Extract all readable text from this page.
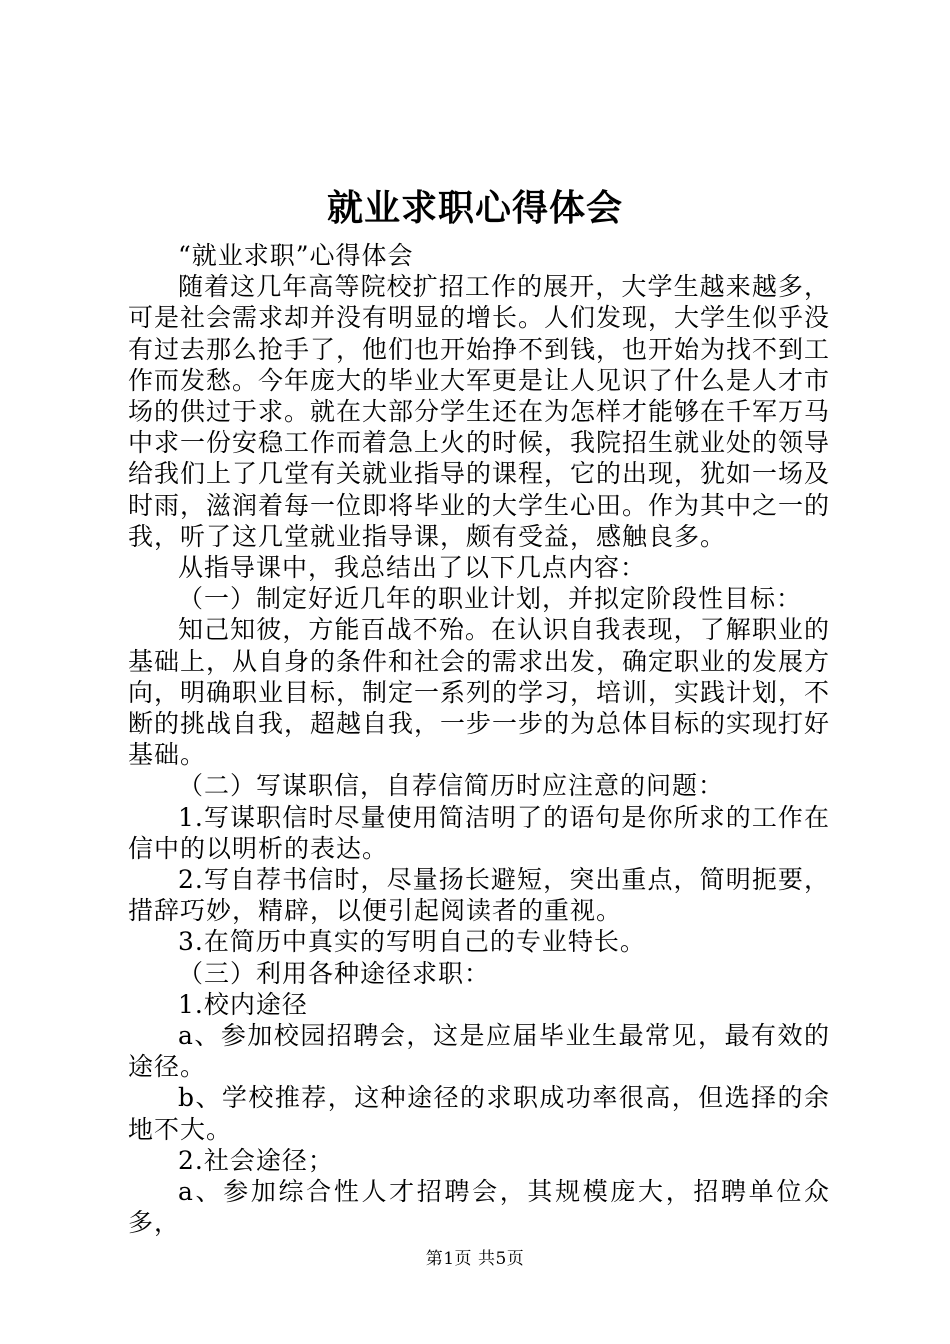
就业求职心得体会

“就业求职”心得体会

随着这几年高等院校扩招工作的展开，大学生越来越多，可是社会需求却并没有明显的增长。人们发现，大学生似乎没有过去那么抢手了，他们也开始挣不到钱，也开始为找不到工作而发愁。今年庞大的毕业大军更是让人见识了什么是人才市场的供过于求。就在大部分学生还在为怎样才能够在千军万马中求一份安稳工作而着急上火的时候，我院招生就业处的领导给我们上了几堂有关就业指导的课程，它的出现，犹如一场及时雨，滋润着每一位即将毕业的大学生心田。作为其中之一的我，听了这几堂就业指导课，颇有受益，感触良多。

从指导课中，我总结出了以下几点内容：

（一）制定好近几年的职业计划，并拟定阶段性目标：

知己知彼，方能百战不殆。在认识自我表现，了解职业的基础上，从自身的条件和社会的需求出发，确定职业的发展方向，明确职业目标，制定一系列的学习，培训，实践计划，不断的挑战自我，超越自我，一步一步的为总体目标的实现打好基础。

（二）写谋职信，自荐信简历时应注意的问题：

1.写谋职信时尽量使用简洁明了的语句是你所求的工作在信中的以明析的表达。

2.写自荐书信时，尽量扬长避短，突出重点，简明扼要，措辞巧妙，精辟，以便引起阅读者的重视。

3.在简历中真实的写明自己的专业特长。

（三）利用各种途径求职：

1.校内途径

a、参加校园招聘会，这是应届毕业生最常见，最有效的途径。

b、学校推荐，这种途径的求职成功率很高，但选择的余地不大。

2.社会途径；

a、参加综合性人才招聘会，其规模庞大，招聘单位众多，

第1页 共5页
